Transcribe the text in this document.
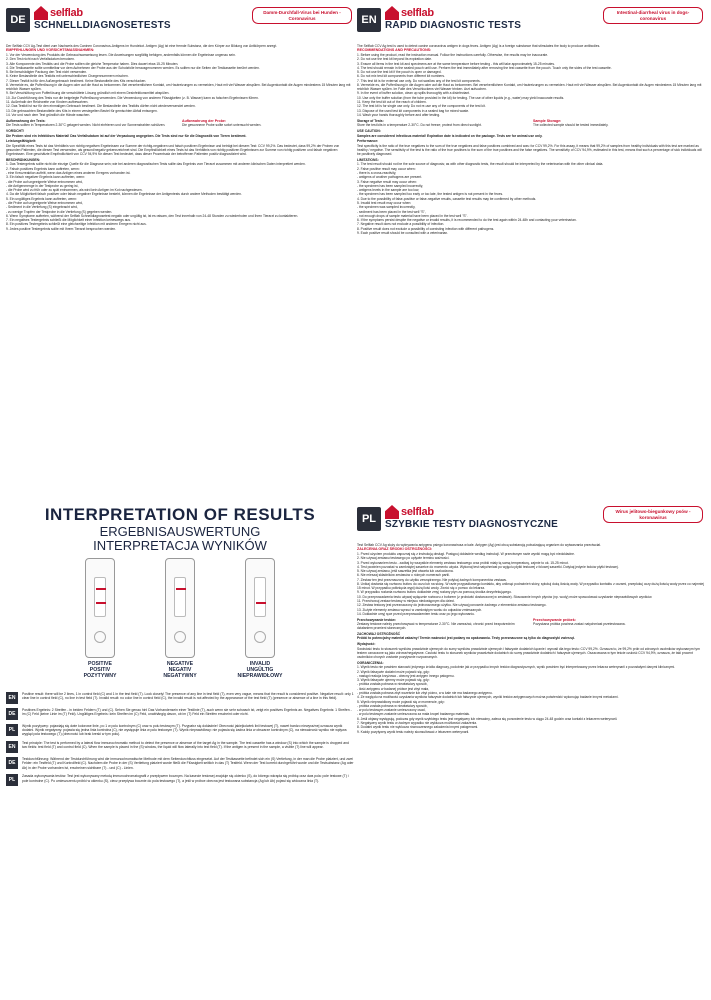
DE
selflab
SCHNELLDIAGNOSETESTS
Damm-Durchfall-Virus bei Hunden - Coronavirus

Der Selflab CCV Ag-Test dient zum Nachweis des Caninen Coronavirus-Antigens im Hundekot. Antigen (Ag) ist eine fremde Substanz, die den Körper zur Bildung von Antikörpern anregt.

EMPFEHLUNGEN UND VORSICHTSMASSNAHMEN:

1. Vor der Verwendung des Produkts die Gebrauchsanweisung lesen. Die Anweisungen sorgfältig befolgen, andernfalls können die Ergebnisse ungenau sein.

2. Den Test nicht nach Verfallsdatum benutzen.

3. Alle Komponente des Testkits und die Probe sollten die gleiche Temperatur haben. Dies dauert etwa 15-25 Minuten.

4. Die Testkassette sollte unmittelbar vor dem Aufnehmen der Probe aus der Schutzfolie herausgenommen werden. Es sollten nur die Seiten der Testkassette berührt werden.

5. Bei beschädigter Packung den Test nicht verwenden.

6. Keine Bestandteile des Testkits mit unterschiedlichen Chargennummern mischen.

7. Dieser Testkit ist für den Außengebrauch bestimmt. Keine Bestandteile des Kits verschlucken.

8. Vermeide es, die Pufferlösung in die Augen oder auf die Haut zu bekommen. Bei versehentlichem Kontakt, um Hautreizungen zu vermeiden, Haut mit viel Wasser abspülen. Bei Augenkontakt die Augen mindestens 15 Minuten lang mit reichlich Wasser spülen.

9. Bei Verschüttung von Pufferlösung die verschüttete Lösung gründlich mit einem Desinfektionsmittel abspülen.

10. Zur Durchführung des Tests nur die beigelegte Pufferlösung verwenden. Die Verwendung von anderen Flüssigkeiten (z. B. Wasser) kann zu falschen Ergebnissen führen.

11. Außerhalb der Reichweite von Kindern aufbewahren.

12. Das Testkit ist nur für den einmaligen Gebrauch bestimmt. Die Bestandteile des Testkits dürfen nicht wiederverwendet werden.

13. Die gebrauchten Bestandteile des Kits in einem versiegelten Beutel für gemischten Abfall entsorgen.

14. Vor und nach dem Test gründlich die Hände waschen.

Aufbewahrung der Tests:

Die Tests sollten in Temperaturen 2-30°C gelagert werden. Nicht einfrieren und vor Sonnenstrahlen schützen.

Aufbewahrung der Probe:

Die gewonnene Probe sollte sofort untersucht werden.

VORSICHT!

Die Proben sind ein Infektiöses Material! Das Verfallsdatum ist auf der Verpackung angegeben. Die Tests sind nur für die Diagnostik von Tieren bestimmt.

Leistungsfähigkeit:

Die Spezifität eines Tests ist das Verhältnis von richtig negativen Ergebnissen zur Summe der richtig-negativen und falsch positiven Ergebnisse und beträgt bei diesem Test: CCV 99,2%. Das bedeutet, dass 99,2% der Proben von gesunden Patienten, die diesen Test verwenden, als gesund/negativ gekennzeichnet sind. Die Empfindlichkeit eines Tests ist das Verhältnis von richtig positiven Ergebnissen zur Summe von richtig positiven und falsch negativen Ergebnissen. Eine geschätzte Empfindlichkeit von CCV 94,9% für diesen Test bedeutet, dass dieser Prozentsatz der betroffenen Patienten positiv diagnostiziert wird.

BESCHRÄNKUNGEN:

1. Das Testergebnis sollte nicht die einzige Quelle für die Diagnose sein; wie bei anderen diagnostischen Tests sollte das Ergebnis vom Tierarzt zusammen mit anderen klinischen Daten interpretiert werden.

2. Falsch positives Ergebnis kann auftreten, wenn:

- eine Kreuzreaktion auftritt, wenn das Antigen eines anderen Erregers vorhanden ist.

3. Ein falsch negativer Ergebnis kann auftreten, wenn:

- die Probe auf ungeeignete Weise entnommen wird,

- die Antigenmenge in der Testprobe zu gering ist,

- die Probe wird zu früh oder zu spät entnommen, als wird kein Antigen im Kot nachgewiesen.

4. Da die Möglichkeit falsch positiver oder falsch negativer Ergebnisse besteht, können die Ergebnisse der Antigentests durch andere Methoden bestätigt werden.

5. Ein ungültiges Ergebnis kann auftreten, wenn:

- die Probe auf ungeeignete Weise entnommen wird,

- Sediment in die Vertiefung (S) eingebracht wird,

- zu wenige Tropfen der Testprobe in die Vertiefung (S) gegeben werden.

6. Wenn Symptome auftreten, während der Selflab Schnelldiagnosetest negativ oder ungültig ist, ist es ratsam, den Test innerhalb von 24-48 Stunden zu wiederholen und Ihren Tierarzt zu kontaktieren.

7. Ein negatives Testergebnis schließt die Möglichkeit einer Infektion keineswegs aus.

8. Ein positives Testergebnis schließt eine gleichzeitige Infektion mit anderen Erregern nicht aus.

9. Jedes positive Testergebnis sollte mit Ihrem Tierarzt besprochen werden.

EN
selflab
RAPID DIAGNOSTIC TESTS
Intestinal-diarrheal virus in dogs- coronavirus

The Selflab CCV Ag test is used to detect canine coronavirus antigen in dogs feces. Antigen (Ag) is a foreign substance that stimulates the body to produce antibodies.

RECOMMENDATIONS AND PRECAUTIONS:

1. Before using the product, read the instruction manual. Follow the instructions carefully. Otherwise, the results may be inaccurate.

2. Do not use the test kit beyond its expiration date.

3. Ensure all items in the test kit and specimens are at the same temperature before testing - this will take approximately 15-25 minutes.

4. The test should remain in the sealed pouch until use. Perform the test immediately after removing the test cassette from the pouch. Touch only the sides of the test cassette.

5. Do not use the test kit if the pouch is open or damaged.

6. Do not mix test kit components from different kit numbers.

7. This test kit is for external use only. Do not swallow any of the test kit components.

8. Vermeide es, die Pufferlösung in die Augen oder auf die Haut zu bekommen. Bei versehentlichem Kontakt, um Hautreizungen zu vermeiden. Haut mit viel Wasser abspülen. Bei Augenkontakt die Augen mindestens 15 Minuten lang mit reichlich Wasser spülen. Im Falle des Verschluckens viel Wasser trinken. Arzt aufsuchen.

9. In the event of buffer solution, clean up spills thoroughly with a disinfectant.

10. Use only the buffer solution (from the tube provided in the kit) for testing. The use of other liquids (e.g., water) may yield inaccurate results.

11. Keep the test kit out of the reach of children.

12. The test kit is for single use only. Do not re-use any of the components of the test kit.

13. Dispose of the used test kit components in a sealed bag for mixed waste.

14. Wash your hands thoroughly before and after testing.

Storage of Tests:

Store the test kits in a temperature 2-30°C. Do not freeze; protect from direct sunlight.

Sample Storage:

The collected sample should be tested immediately.

USE CAUTION:

Samples are considered infectious material! Expiration date is indicated on the package. Tests are for animal use only.

Performance:

Test specificity is the ratio of the true negatives to the sum of the true negatives and false positives combined and was: for CCV 99,2%. For this assay, it means that 99,2% of samples from healthy individuals with this test are marked as healthy / negative. The sensitivity of the test is the ratio of the true positives to the sum of the true positives and the false negatives. The sensitivity of CCV 94,9%, estimated in this test, means that such a percentage of sick individuals will be positively diagnosed.

LIMITATIONS:

1. The test result should not be the sole source of diagnosis; as with other diagnostic tests, the result should be interpreted by the veterinarian with the other clinical data.

2. False positive result may occur when:

- there is a cross-reactivity,

- antigens of another pathogens are present.

3. False negative result may occur when:

- the specimen has been sampled incorrectly,

- antigens levels in the sample are too low,

- the specimen has been sampled too early or too late, the tested antigen is not present in the feces.

4. Due to the possibility of false-positive or false-negative results, cassette test results may be confirmed by other methods.

5. Invalid test result may occur when:

- the specimen was sampled incorrectly,

- sediment has been placed in the test well "S",

- not enough drops of sample material have been placed in the test well "S".

6. If the symptoms persist despite the negative or invalid results, it is recommended to do the test again within 24-48h and contacting your veterinarian.

7. Negative result does not exclude a possibility of infection.

8. Positive result does not exclude a possibility of coexisting infection with different pathogens.

9. Each positive result should be consulted with a veterinarian.

INTERPRETATION OF RESULTS
ERGEBNISAUSWERTUNG
INTERPRETACJA WYNIKÓW
POSITIVE
POSITIV
POZYTYWNY
NEGATIVE
NEGATIV
NEGATYWNY
INVALID
UNGÜLTIG
NIEPRAWIDŁOWY
EN
Positive result: there will be 2 lines, 1 in control field (C) and 1 in the test field (T). Look closely! The presence of any line in test field (T), even very vague, means that the result is considered positive. Negative result: only 1 clear line in control field (C), no line in test field (T). Invalid result: no color line in control field (C), the invalid result is not affected by the appearance of the test field (T) (presence or absence of a line in this field).
DE
Positives Ergebnis: 2 Streifen - in beiden Feldern (T) und (C). Sehen Sie genau hin! Das Vorhandensein einer Testlinie (T), auch wenn sie sehr schwach ist, zeigt ein positives Ergebnis an. Negatives Ergebnis: 1 Streifen - im (C) Feld (keine Linie im (T) Feld). Ungültiges Ergebnis: kein Streifen im (C) Feld, unabhängig davon, ob im (T) Feld ein Streifen erscheint oder nicht.
PL
Wynik pozytywny: pojawiają się dwie kolorowe linie, po 1 w polu kontrolnym (C) oraz w polu testowym (T). Przypatrz się dokładnie! Obecność jakiejkolwiek linii testowej (T), nawet bardzo niewyraźnej oznacza wynik dodatni. Wynik negatywny: pojawia się jedna linia kontrolna (C), nie występuje linia w polu testowym (T). Wynik nieprawidłowy: nie pojawia się żadna linia w obszarze kontrolnym (C), na niewaźność wyniku nie wpływa wygląd pola testowego (T) (obecność lub brak kreski w tym polu).
EN
Test principle: The test is performed by a lateral flow immunochromatic method to detect the presence or absence of the target Ag in the sample. The test cassette has a window (S) into which the sample is dropped and two fields: test field (T) and control field (C). When the sample is placed in the (S) window, the liquid will flow laterally into test field (T). If the antigen is present in the sample, a visible (T) line will appear.
DE
Testdurchführung: Während der Testdurchführung wird die immunochromatische Methode mit dem Seitendurchfluss eingesetzt. Auf der Testkassette befindet sich ein (S) Vertiefung, in der man die Probe platziert, und zwei Felder: ein Testfeld (T) und Kontrollfeld (C). Nachdem die Probe in der (S) Vertiefung platziert wurde fließt die Flüssigkeit seitlich in das (T) Testfeld. Wenn der Test korrekt durchgeführt wurde und die Testsubstanz (Ag oder Ab) in der Probe vorhanden ist, erscheinen sichtbare (T) - und (C) - Linien.
PL
Zasada wykonywania testów: Test jest wykonywany metodą immunochromatografii z przepływem bocznym. Na kasecie testowej znajduje się okienko (S), do którego wkrapla się próbkę oraz dwa pola: pole testowe (T) i pole kontrolne (C). Po umieszczeniu próbki w okienku (S), ciecz przepływa bocznie do pola testowego (T), a jeśli w próbce obecna jest testowana substancja (Ag lub Ab) pojawi się widoczna linia (T).
PL
selflab
SZYBKIE TESTY DIAGNOSTYCZNE
Wirus jelitowo-biegunkowy psów - koronawirus

Test Selflab CCV Ag służy do wykrywania antygenu psiego koronawirusa w kale. Antygen (Ag) jest obcą substancją pobudzającą organizm do wytwarzania przeciwciał.

ZALECENIA ORAZ ŚRODKI OSTROŻNOŚCI:

1. Przed użyciem produktu zapoznaj się z instrukcją obsługi. Postępuj dokładnie według instrukcji. W przeciwnym razie wyniki mogą być niedokładne.

2. Nie używaj zestawu testowego po upływie terminu ważności.

3. Przed wykonaniem testu - zadbaj by wszystkie elementy zestawu testowego oraz próbki miały tą samą temperaturę, zajmie to ok. 15-25 minut.

4. Test powinien pozostać w zamkniętej saszetce do momentu użycia. Wykonaj test natychmiast po wyjęciu płytki testowej z folowej saszetki. Dotykaj jedynie boków płytki testowej.

5. Nie używaj zestawu, jeśli saszetka jest otwarta lub uszkodzona.

6. Nie mieszaj składników zestawów o różnych numerach partii.

7. Zestaw ten jest przeznaczony do użytku zewnętrznego. Nie połykaj żadnych komponentów zestawu.

8. Unikaj dostania się roztworu buforu do oczu lub na skórę. W razie przypadkowego kontaktu, aby uniknąć podrażnień skóry, spłukuj dużą ilością wody. W przypadku kontaktu z oczami, przepłukuj oczy dużą ilością wody przez co najmniej 15 minut. W przypadku połknięcia wypij dużą ilość wody. Zwróć się o pomoc do lekarza.

9. W przypadku rozlania roztworu buforu dokładnie zmyj rozlany płyn za pomocą środka dezynfekującego.

10. Do przeprowadzenia testu używaj wyłącznie roztworu z buforem (z probówki dostarczonej w zestawie). Stosowanie innych płynów (np. wody) może spowodować uzyskanie nieprawidłowych wyników.

11. Przechowuj zestaw testowy w miejscu niedostępnym dla dzieci.

12. Zestaw testowy jest przeznaczony do jednorazowego użytku. Nie używaj ponownie żadnego z elementów zestawu testowego.

13. Zużyte elementy zestawu wyrzuć w zamkniętym worku do odpadów zmieszanych.

14. Dokładnie umyj ręce przed przeprowadzeniem testu oraz po jego wykonaniu.

Przechowywanie testów:

Zestawy testowe należy przechowywać w temperaturze 2-30°C. Nie zamrażać, chronić przed bezpośrednim działaniem promieni słonecznych.

Przechowywanie próbek:

Pozyskana próbka powinna zostać natychmiast przetestowana.

ZACHOWAJ OSTROŻNOŚĆ

Próbki to potencjalny materiał zakaźny! Termin ważności jest podany na opakowaniu. Testy przeznaczone są tylko do diagnostyki zwierząt.

Wydajność:

Swoistość testu to stosunek wyników prawdziwie ujemnych do sumy wyników prawdziwie ujemnych i fałszywie dodatnich łącznie i wynosił dla tego testu: CCV 99,2%. Oznacza to, że 99,2% prób od zdrowych osobników wykonanym tym testem oznaczone są jako zdrowe/negatywne. Czułość testu to stosunek wyników prawdziwie dodatnich do sumy prawdziwie dodatnich i fałszywie ujemnych. Oszacowana w tym teście czułość CCV 94,9%, oznacza, że taki procent osobników chorych zostanie pozytywnie rozpoznanych.

OGRANICZENIA:

1. Wynik testu nie powinien stanowić jedynego źródła diagnozy, podobnie jak w przypadku innych testów diagnostycznych, wynik powinien być interpretowany przez lekarza weterynarii z pozostałymi danymi klinicznymi.

2. Wynik fałszywie dodatni może pojawić się, gdy:

- nastąpi reakcja krzyżowa - obecny jest antygen innego patogenu.

3. Wynik fałszywie ujemny może pojawić się, gdy:

- próbka została pobrana w niewłaściwy sposób,

- ilość antygenu w badanej próbce jest zbyt mała,

- próbka została pobrana zbyt wcześnie lub zbyt późno, a w kale nie ma badanego antygenu.

4. Ze względu na możliwość uzyskania wyników fałszywie dodatnich lub fałszywie ujemnych, wyniki testów antygenowych można potwierdzić wykonując badanie innymi metodami.

5. Wynik nieprawidłowy może pojawić się w momencie, gdy:

- próbka została pobrana w niewłaściwy sposób,

- w polu testowym zostanie umieszczony osad,

- w polu testowym zostanie umieszczona za mała kropel badanego materiału.

6. Jeśli objawy występują, podczas gdy wynik szybkiego testu jest negatywny lub nieważny, zaleca się ponowienie testu w ciągu 24-48 godzin oraz kontakt z lekarzem weterynarii.

7. Negatywny wynik testu w żadnym wypadku nie wyklucza możliwości zakażenia.

8. Dodatni wynik testu nie wyklucza równoczesnego zakażenia innymi patogenami.

9. Każdy pozytywny wynik testu należy skonsultować z lekarzem weterynarii.
